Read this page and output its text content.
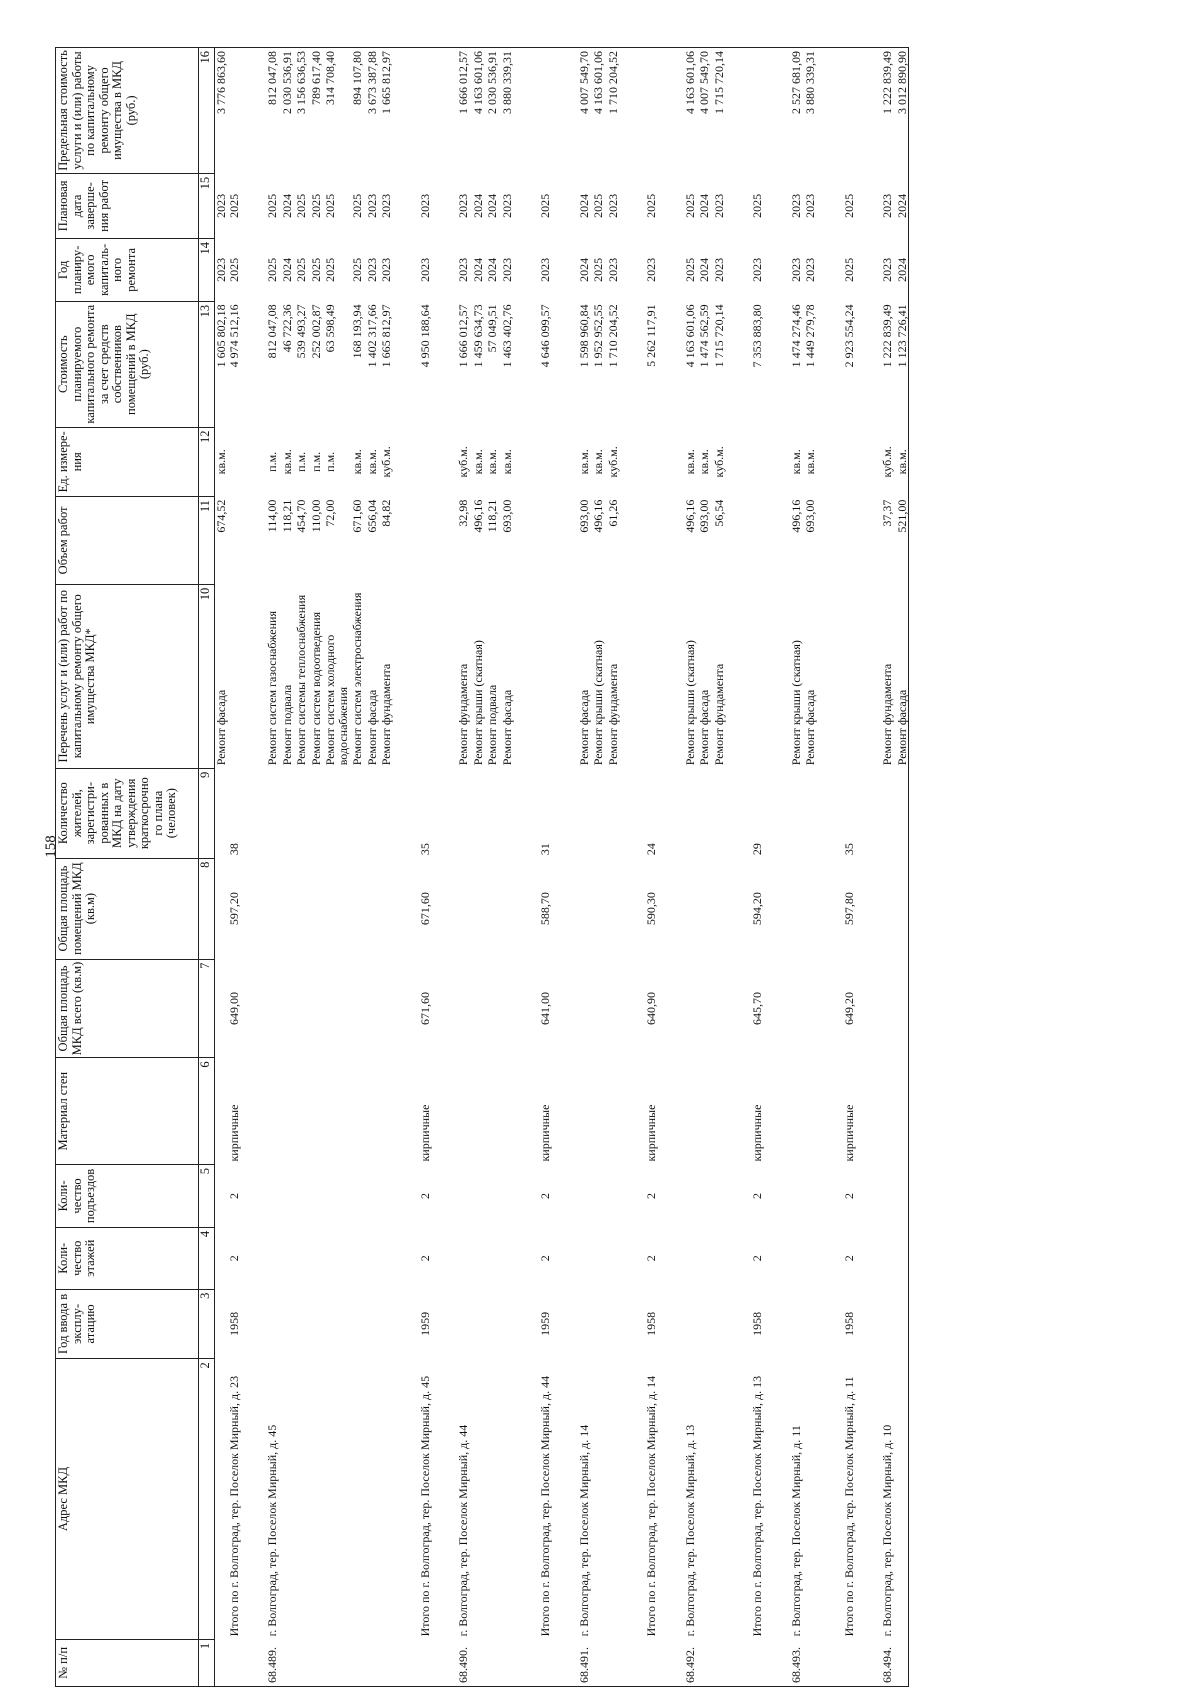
158
№ п/п	Адрес МКД	Год ввода в эксплу-атацию	Коли-чество этажей	Коли-чество подъездов	Материал стен	Общая площадь МКД всего (кв.м)	Общая площадь помещений МКД (кв.м)	Количество жителей, зарегистри-рованных в МКД на дату утверждения краткосрочно го плана (человек)	Перечень услуг и (или) работ по капитальному ремонту общего имущества МКД*	Объем работ	Ед. измере-ния	Стоимость планируемого капитального ремонта за счет средств собственников помещений в МКД (руб.)	Год планиру-емого капиталь-ного ремонта	Плановая дата заверше-ния работ	Предельная стоимость услуги и (или) работы по капитальному ремонту общего имущества в МКД (руб.)
1	2	3	4	5	6	7	8	9	10	11	12	13	14	15	16
									Ремонт фасада	674,52	кв.м.	1 605 802,18	2023	2023	3 776 863,60
	Итого по г. Волгоград, тер. Поселок Мирный, д. 23	1958	2	2	кирпичные	649,00	597,20	38				4 974 512,16	2025	2025	
68.489.	г. Волгоград, тер. Поселок Мирный, д. 45								Ремонт систем газоснабжения	114,00	п.м.	812 047,08	2025	2025	812 047,08
									Ремонт подвала	118,21	кв.м.	46 722,36	2024	2024	2 030 536,91
									Ремонт системы теплоснабжения	454,70	п.м.	539 493,27	2025	2025	3 156 636,53
									Ремонт систем водоотведения	110,00	п.м.	252 002,87	2025	2025	789 617,40
									Ремонт систем холодного водоснабжения	72,00	п.м.	63 598,49	2025	2025	314 708,40
									Ремонт систем электроснабжения	671,60	кв.м.	168 193,94	2025	2025	894 107,80
									Ремонт фасада	656,04	кв.м.	1 402 317,66	2023	2023	3 673 387,88
									Ремонт фундамента	84,82	куб.м.	1 665 812,97	2023	2023	1 665 812,97
	Итого по г. Волгоград, тер. Поселок Мирный, д. 45	1959	2	2	кирпичные	671,60	671,60	35				4 950 188,64	2023	2023	
68.490.	г. Волгоград, тер. Поселок Мирный, д. 44								Ремонт фундамента	32,98	куб.м.	1 666 012,57	2023	2023	1 666 012,57
									Ремонт крыши (скатная)	496,16	кв.м.	1 459 634,73	2024	2024	4 163 601,06
									Ремонт подвала	118,21	кв.м.	57 049,51	2024	2024	2 030 536,91
									Ремонт фасада	693,00	кв.м.	1 463 402,76	2023	2023	3 880 339,31
	Итого по г. Волгоград, тер. Поселок Мирный, д. 44	1959	2	2	кирпичные	641,00	588,70	31				4 646 099,57	2023	2025	
68.491.	г. Волгоград, тер. Поселок Мирный, д. 14								Ремонт фасада	693,00	кв.м.	1 598 960,84	2024	2024	4 007 549,70
									Ремонт крыши (скатная)	496,16	кв.м.	1 952 952,55	2025	2025	4 163 601,06
									Ремонт фундамента	61,26	куб.м.	1 710 204,52	2023	2023	1 710 204,52
	Итого по г. Волгоград, тер. Поселок Мирный, д. 14	1958	2	2	кирпичные	640,90	590,30	24				5 262 117,91	2023	2025	
68.492.	г. Волгоград, тер. Поселок Мирный, д. 13								Ремонт крыши (скатная)	496,16	кв.м.	4 163 601,06	2025	2025	4 163 601,06
									Ремонт фасада	693,00	кв.м.	1 474 562,59	2024	2024	4 007 549,70
									Ремонт фундамента	56,54	куб.м.	1 715 720,14	2023	2023	1 715 720,14
	Итого по г. Волгоград, тер. Поселок Мирный, д. 13	1958	2	2	кирпичные	645,70	594,20	29				7 353 883,80	2023	2025	
68.493.	г. Волгоград, тер. Поселок Мирный, д. 11								Ремонт крыши (скатная)	496,16	кв.м.	1 474 274,46	2023	2023	2 527 681,09
									Ремонт фасада	693,00	кв.м.	1 449 279,78	2023	2023	3 880 339,31
	Итого по г. Волгоград, тер. Поселок Мирный, д. 11	1958	2	2	кирпичные	649,20	597,80	35				2 923 554,24	2025	2025	
68.494.	г. Волгоград, тер. Поселок Мирный, д. 10								Ремонт фундамента	37,37	куб.м.	1 222 839,49	2023	2023	1 222 839,49
									Ремонт фасада	521,00	кв.м.	1 123 726,41	2024	2024	3 012 890,90
